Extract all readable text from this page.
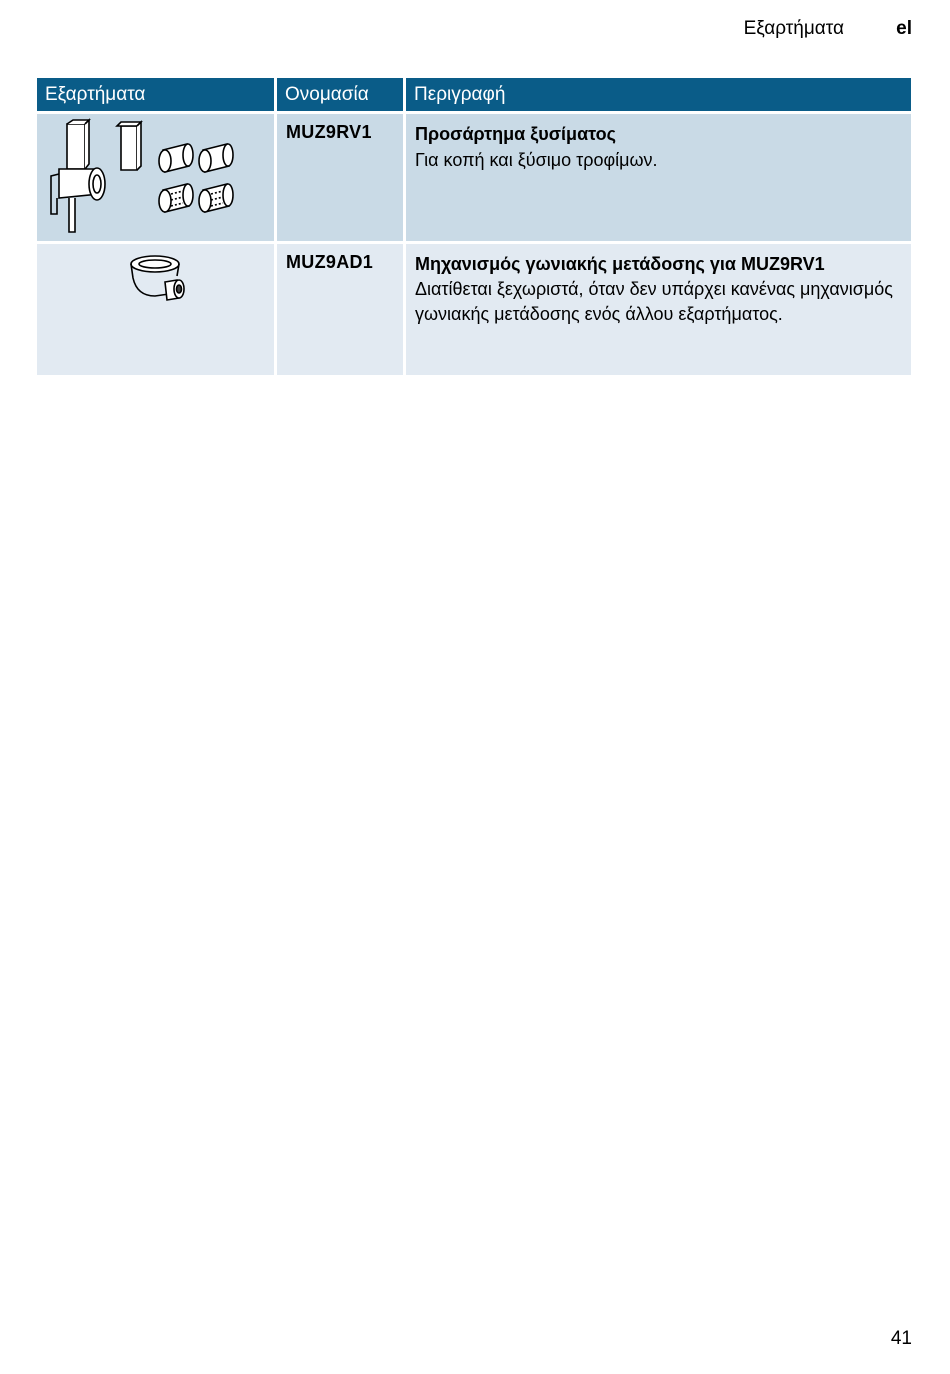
Εξαρτήματα	el
Εξαρτήματα	Ονομασία	Περιγραφή
MUZ9RV1	Προσάρτημα ξυσίματος
Για κοπή και ξύσιμο τροφίμων.
MUZ9AD1	Μηχανισμός γωνιακής μετάδοσης για MUZ9RV1
Διατίθεται ξεχωριστά, όταν δεν υπάρχει κανένας μηχανισμός γωνιακής μετάδοσης ενός άλλου εξαρτήματος.
41
